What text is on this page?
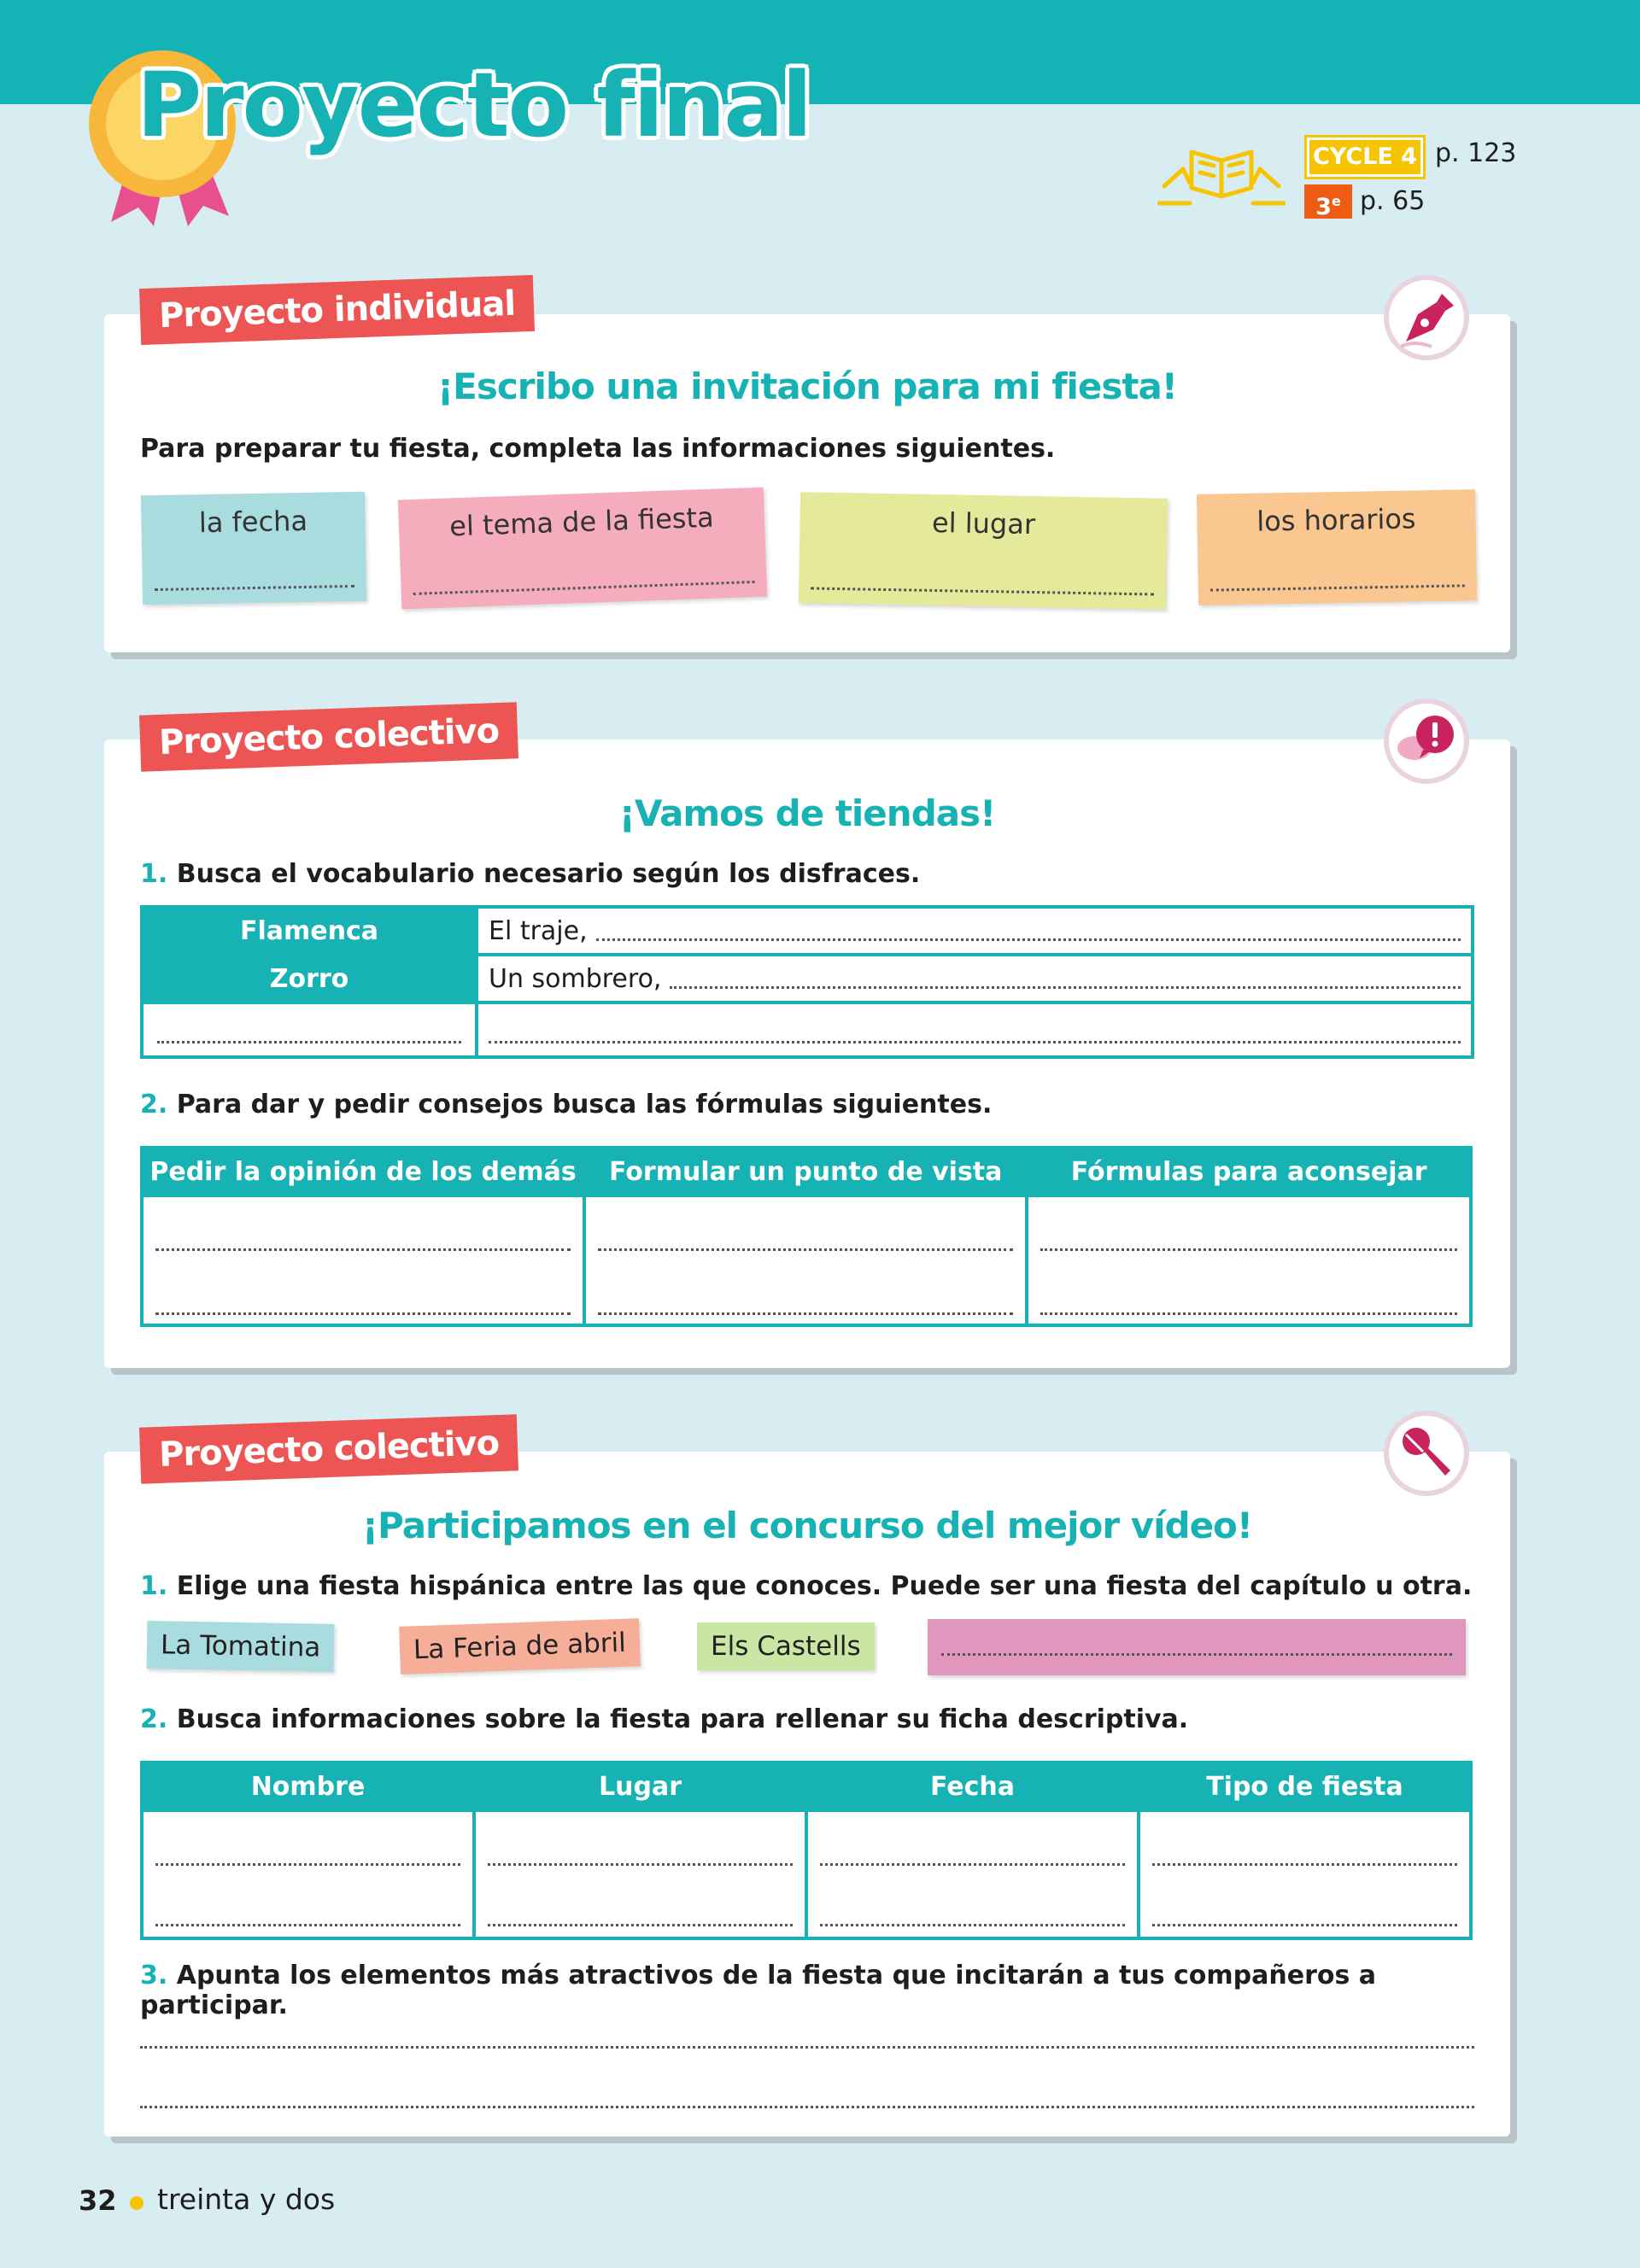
Proyecto final	CYCLE 4 p. 123
3e p. 65
¡Escribo una invitación para mi fiesta!
Para preparar tu fiesta, completa las informaciones siguientes.
la fecha	el tema de la fiesta	el lugar	los horarios
Proyecto individual
¡Vamos de tiendas!
1. Busca el vocabulario necesario según los disfraces.
Flamenca	El traje,

Zorro	Un sombrero,

2. Para dar y pedir consejos busca las fórmulas siguientes.
Pedir la opinión de los demás	Formular un punto de vista	Fórmulas para aconsejar

Proyecto colectivo
¡Participamos en el concurso del mejor vídeo!
1. Elige una fiesta hispánica entre las que conoces. Puede ser una fiesta del capítulo u otra.
La Tomatina	La Feria de abril	Els Castells
2. Busca informaciones sobre la fiesta para rellenar su ficha descriptiva.
Nombre	Lugar	Fecha	Tipo de fiesta

3. Apunta los elementos más atractivos de la fiesta que incitarán a tus compañeros a participar.
Proyecto colectivo
32 treinta y dos
